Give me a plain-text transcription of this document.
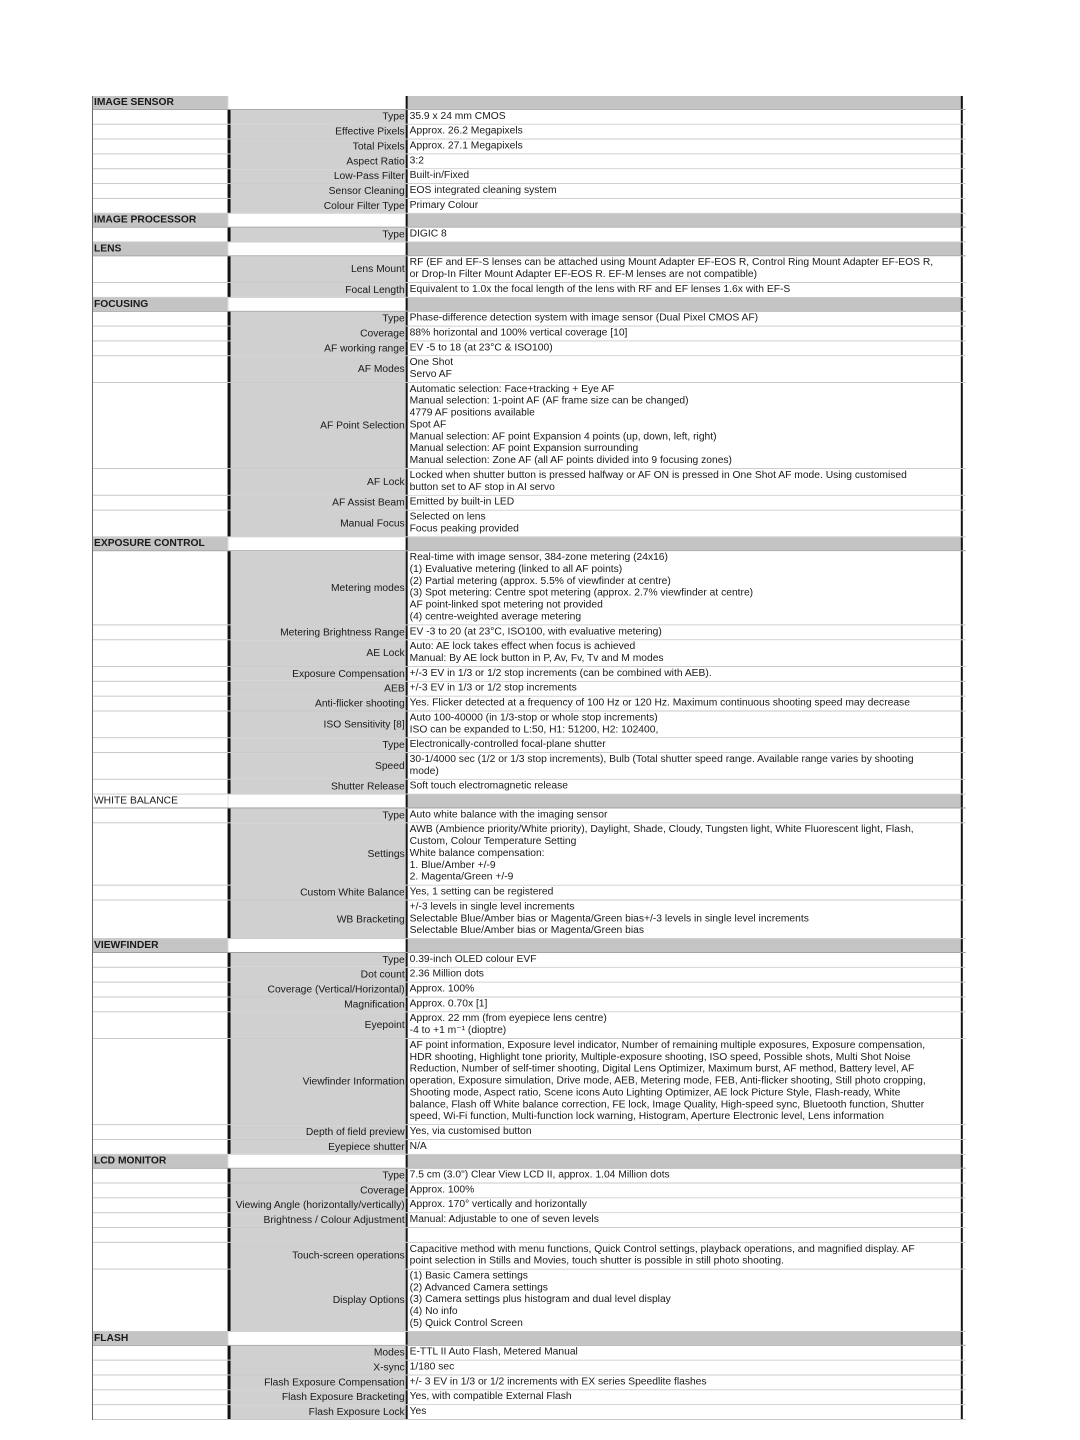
IMAGE SENSOR
Type 35.9 x 24 mm CMOS
Effective Pixels Approx. 26.2 Megapixels
Total Pixels Approx. 27.1 Megapixels
Aspect Ratio 3:2
Low-Pass Filter Built-in/Fixed
Sensor Cleaning EOS integrated cleaning system
Colour Filter Type Primary Colour
IMAGE PROCESSOR
Type DIGIC 8
LENS
Lens Mount
RF (EF and EF-S lenses can be attached using Mount Adapter EF-EOS R, Control Ring Mount Adapter EF-EOS R,
or Drop-In Filter Mount Adapter EF-EOS R. EF-M lenses are not compatible)
Focal Length Equivalent to 1.0x the focal length of the lens with RF and EF lenses 1.6x with EF-S
FOCUSING
Type Phase-difference detection system with image sensor (Dual Pixel CMOS AF)
Coverage 88% horizontal and 100% vertical coverage [10]
AF working range EV -5 to 18 (at 23°C & ISO100)
AF Modes
One Shot
Servo AF
AF Point Selection
Automatic selection: Face+tracking + Eye AF
Manual selection: 1-point AF (AF frame size can be changed)
4779 AF positions available
Spot AF
Manual selection: AF point Expansion 4 points (up, down, left, right)
Manual selection: AF point Expansion surrounding
Manual selection: Zone AF (all AF points divided into 9 focusing zones)
AF Lock
Locked when shutter button is pressed halfway or AF ON is pressed in One Shot AF mode. Using customised
button set to AF stop in AI servo
AF Assist Beam Emitted by built-in LED
Manual Focus
Selected on lens
Focus peaking provided
EXPOSURE CONTROL
Metering modes
Real-time with image sensor, 384-zone metering (24x16)
(1) Evaluative metering (linked to all AF points)
(2) Partial metering (approx. 5.5% of viewfinder at centre)
(3) Spot metering: Centre spot metering (approx. 2.7% viewfinder at centre)
AF point-linked spot metering not provided
(4) centre-weighted average metering
Metering Brightness Range EV -3 to 20 (at 23°C, ISO100, with evaluative metering)
AE Lock
Auto: AE lock takes effect when focus is achieved
Manual: By AE lock button in P, Av, Fv, Tv and M modes
Exposure Compensation +/-3 EV in 1/3 or 1/2 stop increments (can be combined with AEB).
AEB +/-3 EV in 1/3 or 1/2 stop increments
Anti-flicker shooting Yes. Flicker detected at a frequency of 100 Hz or 120 Hz. Maximum continuous shooting speed may decrease
ISO Sensitivity [8]
Auto 100-40000 (in 1/3-stop or whole stop increments)
ISO can be expanded to L:50, H1: 51200, H2: 102400,
Type Electronically-controlled focal-plane shutter
Speed
30-1/4000 sec (1/2 or 1/3 stop increments), Bulb (Total shutter speed range. Available range varies by shooting
mode)
Shutter Release Soft touch electromagnetic release
WHITE BALANCE
Type Auto white balance with the imaging sensor
Settings
AWB (Ambience priority/White priority), Daylight, Shade, Cloudy, Tungsten light, White Fluorescent light, Flash,
Custom, Colour Temperature Setting
White balance compensation:
1. Blue/Amber +/-9
2. Magenta/Green +/-9
Custom White Balance Yes, 1 setting can be registered
WB Bracketing
+/-3 levels in single level increments
Selectable Blue/Amber bias or Magenta/Green bias+/-3 levels in single level increments
Selectable Blue/Amber bias or Magenta/Green bias
VIEWFINDER
Type 0.39-inch OLED colour EVF
Dot count 2.36 Million dots
Coverage (Vertical/Horizontal) Approx. 100%
Magnification Approx. 0.70x [1]
Eyepoint
Approx. 22 mm (from eyepiece lens centre)
-4 to +1 m⁻¹ (dioptre)
Viewfinder Information
AF point information, Exposure level indicator, Number of remaining multiple exposures, Exposure compensation,
HDR shooting, Highlight tone priority, Multiple-exposure shooting, ISO speed, Possible shots, Multi Shot Noise
Reduction, Number of self-timer shooting, Digital Lens Optimizer, Maximum burst, AF method, Battery level, AF
operation, Exposure simulation, Drive mode, AEB, Metering mode, FEB, Anti-flicker shooting, Still photo cropping,
Shooting mode, Aspect ratio, Scene icons Auto Lighting Optimizer, AE lock Picture Style, Flash-ready, White
balance, Flash off White balance correction, FE lock, Image Quality, High-speed sync, Bluetooth function, Shutter
speed, Wi-Fi function, Multi-function lock warning, Histogram, Aperture Electronic level, Lens information
Depth of field preview Yes, via customised button
Eyepiece shutter N/A
LCD MONITOR
Type 7.5 cm (3.0") Clear View LCD II, approx. 1.04 Million dots
Coverage Approx. 100%
Viewing Angle (horizontally/vertically) Approx. 170° vertically and horizontally
Brightness / Colour Adjustment Manual: Adjustable to one of seven levels
Touch-screen operations
Capacitive method with menu functions, Quick Control settings, playback operations, and magnified display. AF
point selection in Stills and Movies, touch shutter is possible in still photo shooting.
Display Options
(1) Basic Camera settings
(2) Advanced Camera settings
(3) Camera settings plus histogram and dual level display
(4) No info
(5) Quick Control Screen
FLASH
Modes E-TTL II Auto Flash, Metered Manual
X-sync 1/180 sec
Flash Exposure Compensation +/- 3 EV in 1/3 or 1/2 increments with EX series Speedlite flashes
Flash Exposure Bracketing Yes, with compatible External Flash
Flash Exposure Lock Yes
